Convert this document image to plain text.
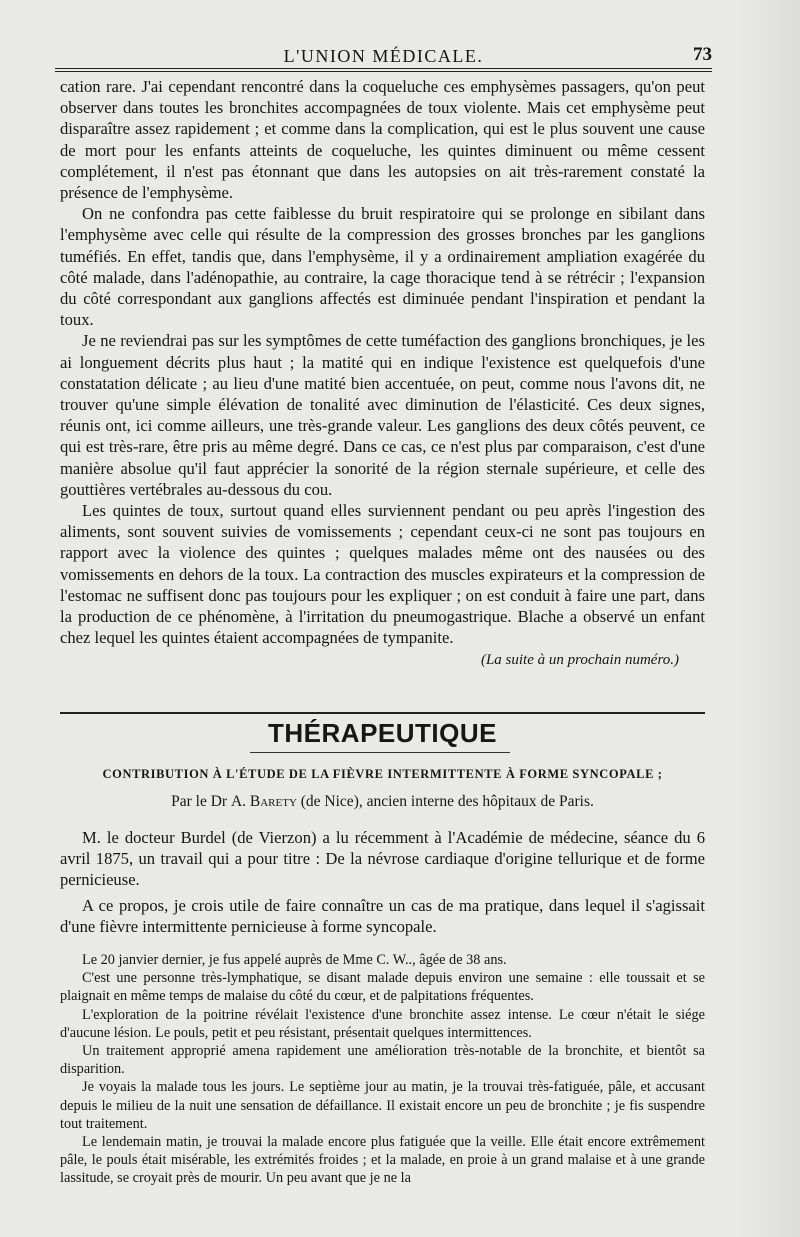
L'UNION MÉDICALE.	73

cation rare. J'ai cependant rencontré dans la coqueluche ces emphysèmes passagers, qu'on peut observer dans toutes les bronchites accompagnées de toux violente. Mais cet emphysème peut disparaître assez rapidement ; et comme dans la complication, qui est le plus souvent une cause de mort pour les enfants atteints de coqueluche, les quintes diminuent ou même cessent complétement, il n'est pas étonnant que dans les autopsies on ait très-rarement constaté la présence de l'emphysème.

On ne confondra pas cette faiblesse du bruit respiratoire qui se prolonge en sibilant dans l'emphysème avec celle qui résulte de la compression des grosses bronches par les ganglions tuméfiés. En effet, tandis que, dans l'emphysème, il y a ordinairement ampliation exagérée du côté malade, dans l'adénopathie, au contraire, la cage thoracique tend à se rétrécir ; l'expansion du côté correspondant aux ganglions affectés est diminuée pendant l'inspiration et pendant la toux.

Je ne reviendrai pas sur les symptômes de cette tuméfaction des ganglions bronchiques, je les ai longuement décrits plus haut ; la matité qui en indique l'existence est quelquefois d'une constatation délicate ; au lieu d'une matité bien accentuée, on peut, comme nous l'avons dit, ne trouver qu'une simple élévation de tonalité avec diminution de l'élasticité. Ces deux signes, réunis ont, ici comme ailleurs, une très-grande valeur. Les ganglions des deux côtés peuvent, ce qui est très-rare, être pris au même degré. Dans ce cas, ce n'est plus par comparaison, c'est d'une manière absolue qu'il faut apprécier la sonorité de la région sternale supérieure, et celle des gouttières vertébrales au-dessous du cou.

Les quintes de toux, surtout quand elles surviennent pendant ou peu après l'ingestion des aliments, sont souvent suivies de vomissements ; cependant ceux-ci ne sont pas toujours en rapport avec la violence des quintes ; quelques malades même ont des nausées ou des vomissements en dehors de la toux. La contraction des muscles expirateurs et la compression de l'estomac ne suffisent donc pas toujours pour les expliquer ; on est conduit à faire une part, dans la production de ce phénomène, à l'irritation du pneumogastrique. Blache a observé un enfant chez lequel les quintes étaient accompagnées de tympanite.

(La suite à un prochain numéro.)
THÉRAPEUTIQUE
CONTRIBUTION À L'ÉTUDE DE LA FIÈVRE INTERMITTENTE À FORME SYNCOPALE ;
Par le Dr A. Barety (de Nice), ancien interne des hôpitaux de Paris.

M. le docteur Burdel (de Vierzon) a lu récemment à l'Académie de médecine, séance du 6 avril 1875, un travail qui a pour titre : De la névrose cardiaque d'origine tellurique et de forme pernicieuse.

A ce propos, je crois utile de faire connaître un cas de ma pratique, dans lequel il s'agissait d'une fièvre intermittente pernicieuse à forme syncopale.

Le 20 janvier dernier, je fus appelé auprès de Mme C. W.., âgée de 38 ans.

C'est une personne très-lymphatique, se disant malade depuis environ une semaine : elle toussait et se plaignait en même temps de malaise du côté du cœur, et de palpitations fréquentes.

L'exploration de la poitrine révélait l'existence d'une bronchite assez intense. Le cœur n'était le siége d'aucune lésion. Le pouls, petit et peu résistant, présentait quelques intermittences.

Un traitement approprié amena rapidement une amélioration très-notable de la bronchite, et bientôt sa disparition.

Je voyais la malade tous les jours. Le septième jour au matin, je la trouvai très-fatiguée, pâle, et accusant depuis le milieu de la nuit une sensation de défaillance. Il existait encore un peu de bronchite ; je fis suspendre tout traitement.

Le lendemain matin, je trouvai la malade encore plus fatiguée que la veille. Elle était encore extrêmement pâle, le pouls était misérable, les extrémités froides ; et la malade, en proie à un grand malaise et à une grande lassitude, se croyait près de mourir. Un peu avant que je ne la
